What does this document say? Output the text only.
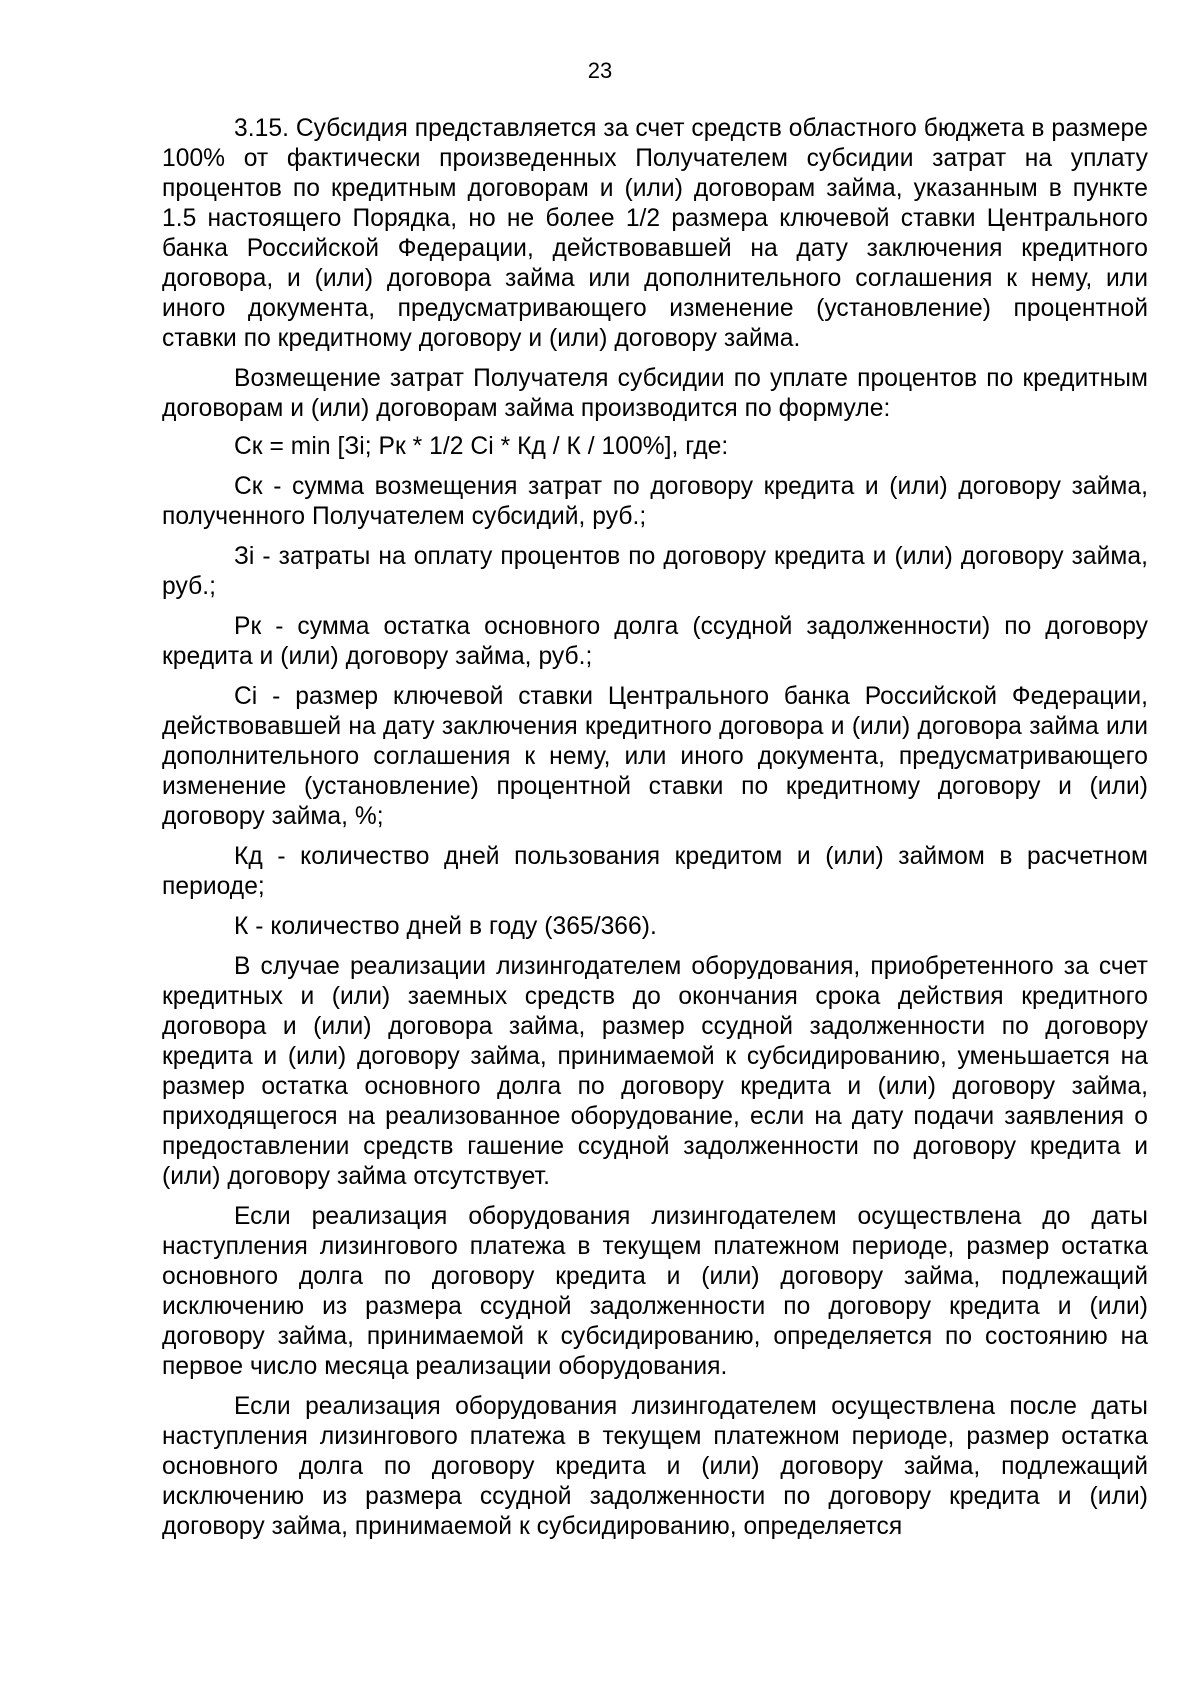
23

3.15. Субсидия представляется за счет средств областного бюджета в размере 100% от фактически произведенных Получателем субсидии затрат на уплату процентов по кредитным договорам и (или) договорам займа, указанным в пункте 1.5 настоящего Порядка, но не более 1/2 размера ключевой ставки Центрального банка Российской Федерации, действовавшей на дату заключения кредитного договора, и (или) договора займа или дополнительного соглашения к нему, или иного документа, предусматривающего изменение (установление) процентной ставки по кредитному договору и (или) договору займа.

Возмещение затрат Получателя субсидии по уплате процентов по кредитным договорам и (или) договорам займа производится по формуле:

Ск = min [Зi; Рк * 1/2 Сi * Кд / К / 100%], где:

Ск - сумма возмещения затрат по договору кредита и (или) договору займа, полученного Получателем субсидий, руб.;

Зi - затраты на оплату процентов по договору кредита и (или) договору займа, руб.;

Рк - сумма остатка основного долга (ссудной задолженности) по договору кредита и (или) договору займа, руб.;

Сi - размер ключевой ставки Центрального банка Российской Федерации, действовавшей на дату заключения кредитного договора и (или) договора займа или дополнительного соглашения к нему, или иного документа, предусматривающего изменение (установление) процентной ставки по кредитному договору и (или) договору займа, %;

Кд - количество дней пользования кредитом и (или) займом в расчетном периоде;

К - количество дней в году (365/366).

В случае реализации лизингодателем оборудования, приобретенного за счет кредитных и (или) заемных средств до окончания срока действия кредитного договора и (или) договора займа, размер ссудной задолженности по договору кредита и (или) договору займа, принимаемой к субсидированию, уменьшается на размер остатка основного долга по договору кредита и (или) договору займа, приходящегося на реализованное оборудование, если на дату подачи заявления о предоставлении средств гашение ссудной задолженности по договору кредита и (или) договору займа отсутствует.

Если реализация оборудования лизингодателем осуществлена до даты наступления лизингового платежа в текущем платежном периоде, размер остатка основного долга по договору кредита и (или) договору займа, подлежащий исключению из размера ссудной задолженности по договору кредита и (или) договору займа, принимаемой к субсидированию, определяется по состоянию на первое число месяца реализации оборудования.

Если реализация оборудования лизингодателем осуществлена после даты наступления лизингового платежа в текущем платежном периоде, размер остатка основного долга по договору кредита и (или) договору займа, подлежащий исключению из размера ссудной задолженности по договору кредита и (или) договору займа, принимаемой к субсидированию, определяется
